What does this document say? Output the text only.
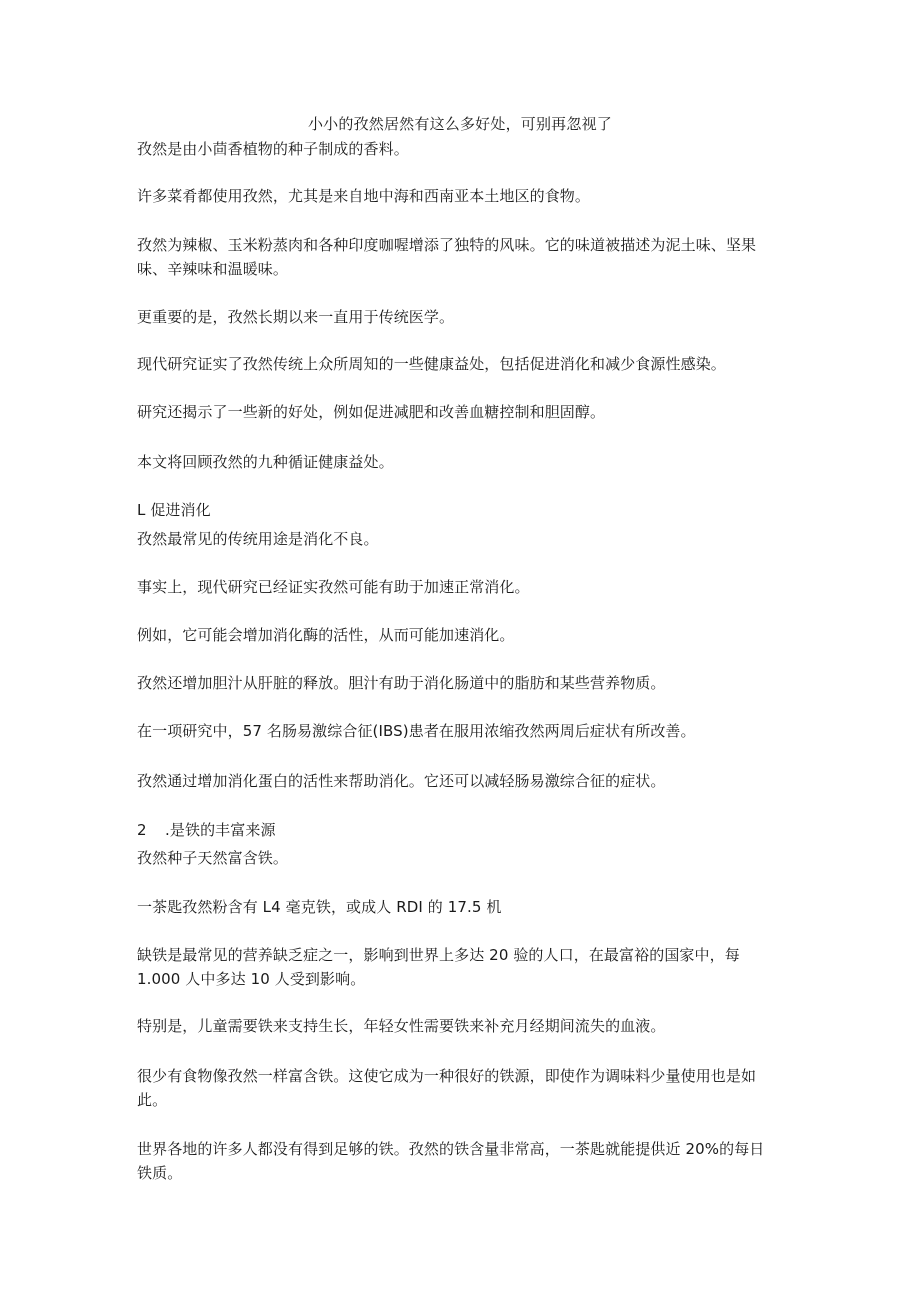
小小的孜然居然有这么多好处，可别再忽视了
孜然是由小茴香植物的种子制成的香料。
许多菜肴都使用孜然，尤其是来自地中海和西南亚本土地区的食物。
孜然为辣椒、玉米粉蒸肉和各种印度咖喔增添了独特的风味。它的味道被描述为泥土味、坚果
味、辛辣味和温暖味。
更重要的是，孜然长期以来一直用于传统医学。
现代研究证实了孜然传统上众所周知的一些健康益处，包括促进消化和减少食源性感染。
研究还揭示了一些新的好处，例如促进减肥和改善血糖控制和胆固醇。
本文将回顾孜然的九种循证健康益处。
L 促进消化
孜然最常见的传统用途是消化不良。
事实上，现代研究已经证实孜然可能有助于加速正常消化。
例如，它可能会增加消化酶的活性，从而可能加速消化。
孜然还增加胆汁从肝脏的释放。胆汁有助于消化肠道中的脂肪和某些营养物质。
在一项研究中，57 名肠易激综合征(IBS)患者在服用浓缩孜然两周后症状有所改善。
孜然通过增加消化蛋白的活性来帮助消化。它还可以减轻肠易激综合征的症状。
2 .是铁的丰富来源
孜然种子天然富含铁。
一茶匙孜然粉含有 L4 毫克铁，或成人 RDI 的 17.5 机
缺铁是最常见的营养缺乏症之一，影响到世界上多达 20 验的人口，在最富裕的国家中，每
1.000 人中多达 10 人受到影响。
特别是，儿童需要铁来支持生长，年轻女性需要铁来补充月经期间流失的血液。
很少有食物像孜然一样富含铁。这使它成为一种很好的铁源，即使作为调味料少量使用也是如
此。
世界各地的许多人都没有得到足够的铁。孜然的铁含量非常高，一茶匙就能提供近 20%的每日
铁质。
